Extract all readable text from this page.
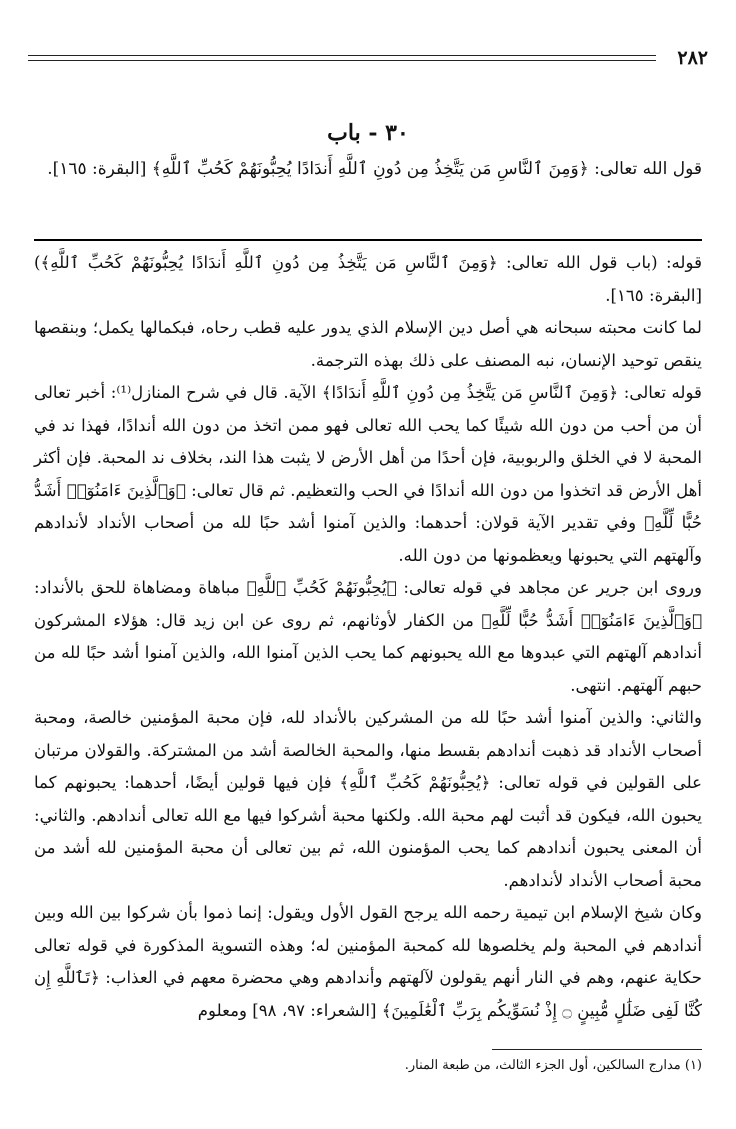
٢٨٢
٣٠ - باب
قول الله تعالى: ﴿وَمِنَ ٱلنَّاسِ مَن يَتَّخِذُ مِن دُونِ ٱللَّهِ أَندَادًا يُحِبُّونَهُمْ كَحُبِّ ٱللَّهِ﴾ [البقرة: ١٦٥].

قوله: (باب قول الله تعالى: ﴿وَمِنَ ٱلنَّاسِ مَن يَتَّخِذُ مِن دُونِ ٱللَّهِ أَندَادًا يُحِبُّونَهُمْ كَحُبِّ ٱللَّهِ﴾) [البقرة: ١٦٥].

لما كانت محبته سبحانه هي أصل دين الإسلام الذي يدور عليه قطب رحاه، فبكمالها يكمل؛ وبنقصها ينقص توحيد الإنسان، نبه المصنف على ذلك بهذه الترجمة.

قوله تعالى: ﴿وَمِنَ ٱلنَّاسِ مَن يَتَّخِذُ مِن دُونِ ٱللَّهِ أَندَادًا﴾ الآية. قال في شرح المنازل⁽¹⁾: أخبر تعالى أن من أحب من دون الله شيئًا كما يحب الله تعالى فهو ممن اتخذ من دون الله أندادًا، فهذا ند في المحبة لا في الخلق والربوبية، فإن أحدًا من أهل الأرض لا يثبت هذا الند، بخلاف ند المحبة. فإن أكثر أهل الأرض قد اتخذوا من دون الله أندادًا في الحب والتعظيم. ثم قال تعالى: ﴿وَٱلَّذِينَ ءَامَنُوٓا۟ أَشَدُّ حُبًّا لِّلَّهِ﴾ وفي تقدير الآية قولان: أحدهما: والذين آمنوا أشد حبًا لله من أصحاب الأنداد لأندادهم وآلهتهم التي يحبونها ويعظمونها من دون الله.

وروى ابن جرير عن مجاهد في قوله تعالى: ﴿يُحِبُّونَهُمْ كَحُبِّ ٱللَّهِ﴾ مباهاة ومضاهاة للحق بالأنداد: ﴿وَٱلَّذِينَ ءَامَنُوٓا۟ أَشَدُّ حُبًّا لِّلَّهِ﴾ من الكفار لأوثانهم، ثم روى عن ابن زيد قال: هؤلاء المشركون أندادهم آلهتهم التي عبدوها مع الله يحبونهم كما يحب الذين آمنوا الله، والذين آمنوا أشد حبًا لله من حبهم آلهتهم. انتهى.

والثاني: والذين آمنوا أشد حبًا لله من المشركين بالأنداد لله، فإن محبة المؤمنين خالصة، ومحبة أصحاب الأنداد قد ذهبت أندادهم بقسط منها، والمحبة الخالصة أشد من المشتركة. والقولان مرتبان على القولين في قوله تعالى: ﴿يُحِبُّونَهُمْ كَحُبِّ ٱللَّهِ﴾ فإن فيها قولين أيضًا، أحدهما: يحبونهم كما يحبون الله، فيكون قد أثبت لهم محبة الله. ولكنها محبة أشركوا فيها مع الله تعالى أندادهم. والثاني: أن المعنى يحبون أندادهم كما يحب المؤمنون الله، ثم بين تعالى أن محبة المؤمنين لله أشد من محبة أصحاب الأنداد لأندادهم.

وكان شيخ الإسلام ابن تيمية رحمه الله يرجح القول الأول ويقول: إنما ذموا بأن شركوا بين الله وبين أندادهم في المحبة ولم يخلصوها لله كمحبة المؤمنين له؛ وهذه التسوية المذكورة في قوله تعالى حكاية عنهم، وهم في النار أنهم يقولون لآلهتهم وأندادهم وهي محضرة معهم في العذاب: ﴿تَٱللَّهِ إِن كُنَّا لَفِى ضَلَٰلٍ مُّبِينٍ ۝ إِذْ نُسَوِّيكُم بِرَبِّ ٱلْعَٰلَمِينَ﴾ [الشعراء: ٩٧، ٩٨] ومعلوم

(١) مدارج السالكين، أول الجزء الثالث، من طبعة المنار.
